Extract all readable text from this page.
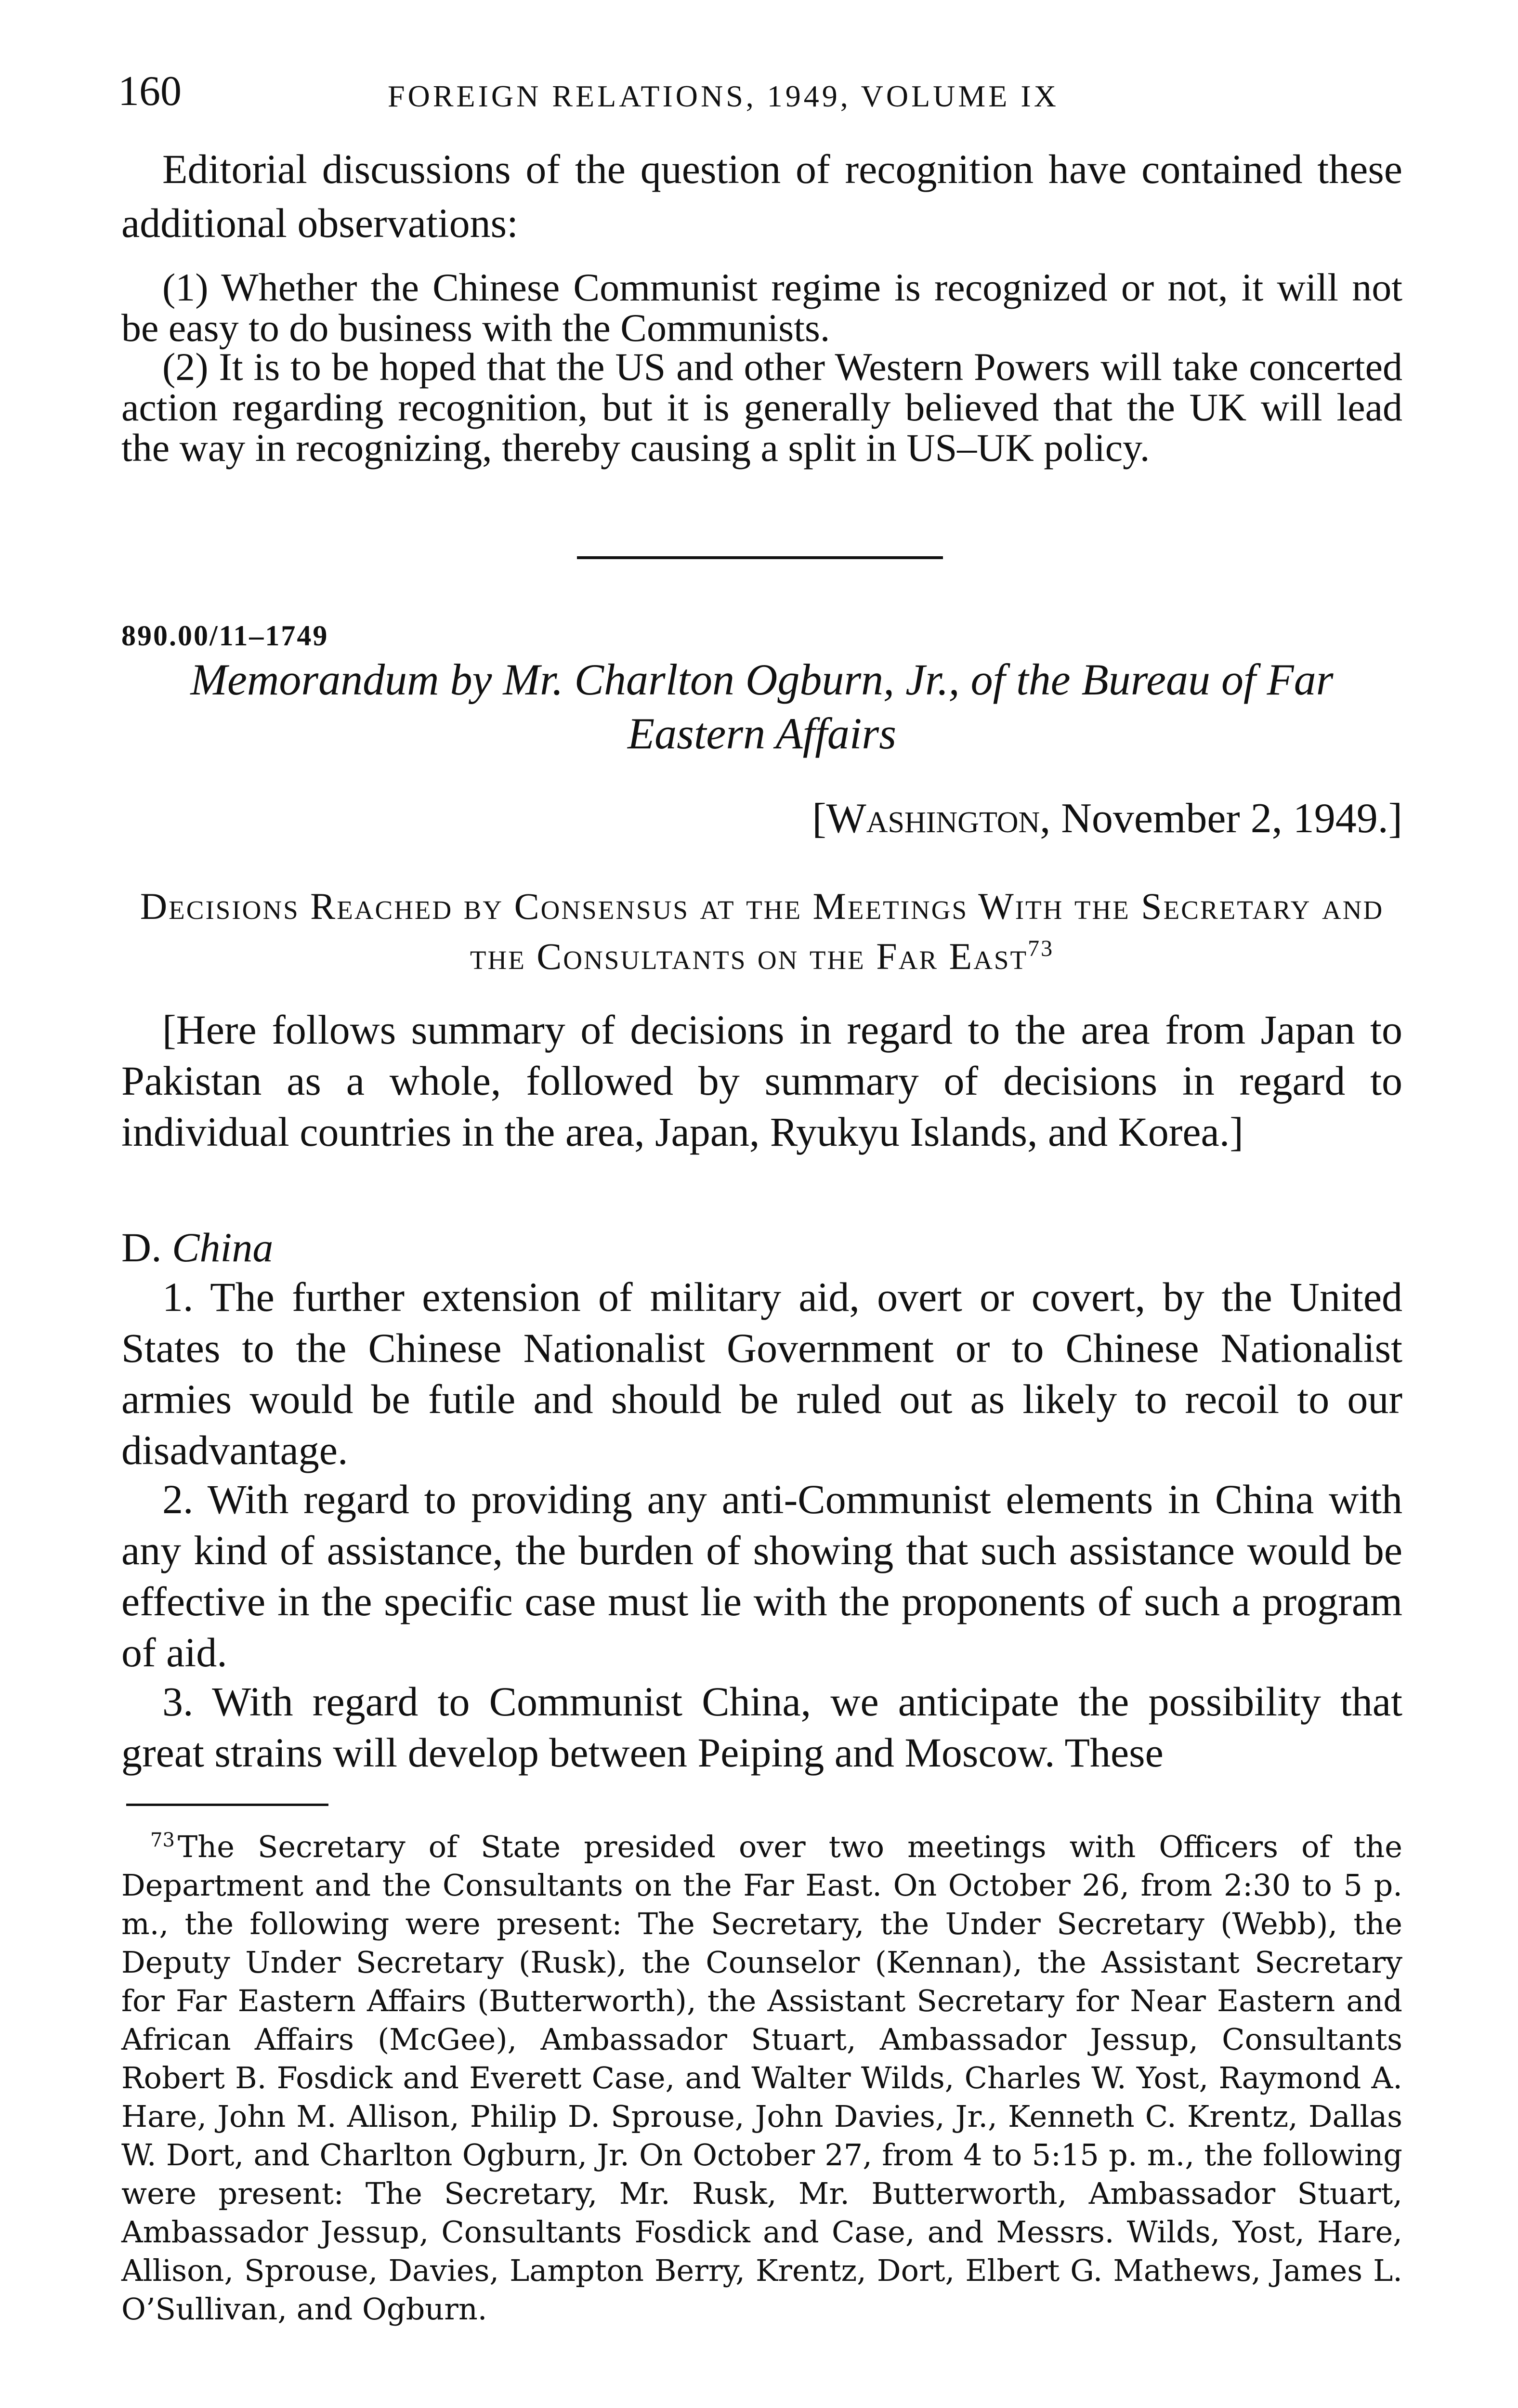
160	FOREIGN RELATIONS, 1949, VOLUME IX

Editorial discussions of the question of recognition have contained these additional observations:

(1) Whether the Chinese Communist regime is recognized or not, it will not be easy to do business with the Communists.

(2) It is to be hoped that the US and other Western Powers will take concerted action regarding recognition, but it is generally believed that the UK will lead the way in recognizing, thereby causing a split in US–UK policy.

890.00/11–1749

Memorandum by Mr. Charlton Ogburn, Jr., of the Bureau of Far Eastern Affairs

[Washington, November 2, 1949.]

Decisions Reached by Consensus at the Meetings With the Secretary and the Consultants on the Far East$^{73}$

[Here follows summary of decisions in regard to the area from Japan to Pakistan as a whole, followed by summary of decisions in regard to individual countries in the area, Japan, Ryukyu Islands, and Korea.]

D. China

1. The further extension of military aid, overt or covert, by the United States to the Chinese Nationalist Government or to Chinese Nationalist armies would be futile and should be ruled out as likely to recoil to our disadvantage.

2. With regard to providing any anti-Communist elements in China with any kind of assistance, the burden of showing that such assistance would be effective in the specific case must lie with the proponents of such a program of aid.

3. With regard to Communist China, we anticipate the possibility that great strains will develop between Peiping and Moscow. These

$^{73}$The Secretary of State presided over two meetings with Officers of the Department and the Consultants on the Far East. On October 26, from 2:30 to 5 p. m., the following were present: The Secretary, the Under Secretary (Webb), the Deputy Under Secretary (Rusk), the Counselor (Kennan), the Assistant Secretary for Far Eastern Affairs (Butterworth), the Assistant Secretary for Near Eastern and African Affairs (McGee), Ambassador Stuart, Ambassador Jessup, Consultants Robert B. Fosdick and Everett Case, and Walter Wilds, Charles W. Yost, Raymond A. Hare, John M. Allison, Philip D. Sprouse, John Davies, Jr., Kenneth C. Krentz, Dallas W. Dort, and Charlton Ogburn, Jr. On October 27, from 4 to 5:15 p. m., the following were present: The Secretary, Mr. Rusk, Mr. Butterworth, Ambassador Stuart, Ambassador Jessup, Consultants Fosdick and Case, and Messrs. Wilds, Yost, Hare, Allison, Sprouse, Davies, Lampton Berry, Krentz, Dort, Elbert G. Mathews, James L. O’Sullivan, and Ogburn.
